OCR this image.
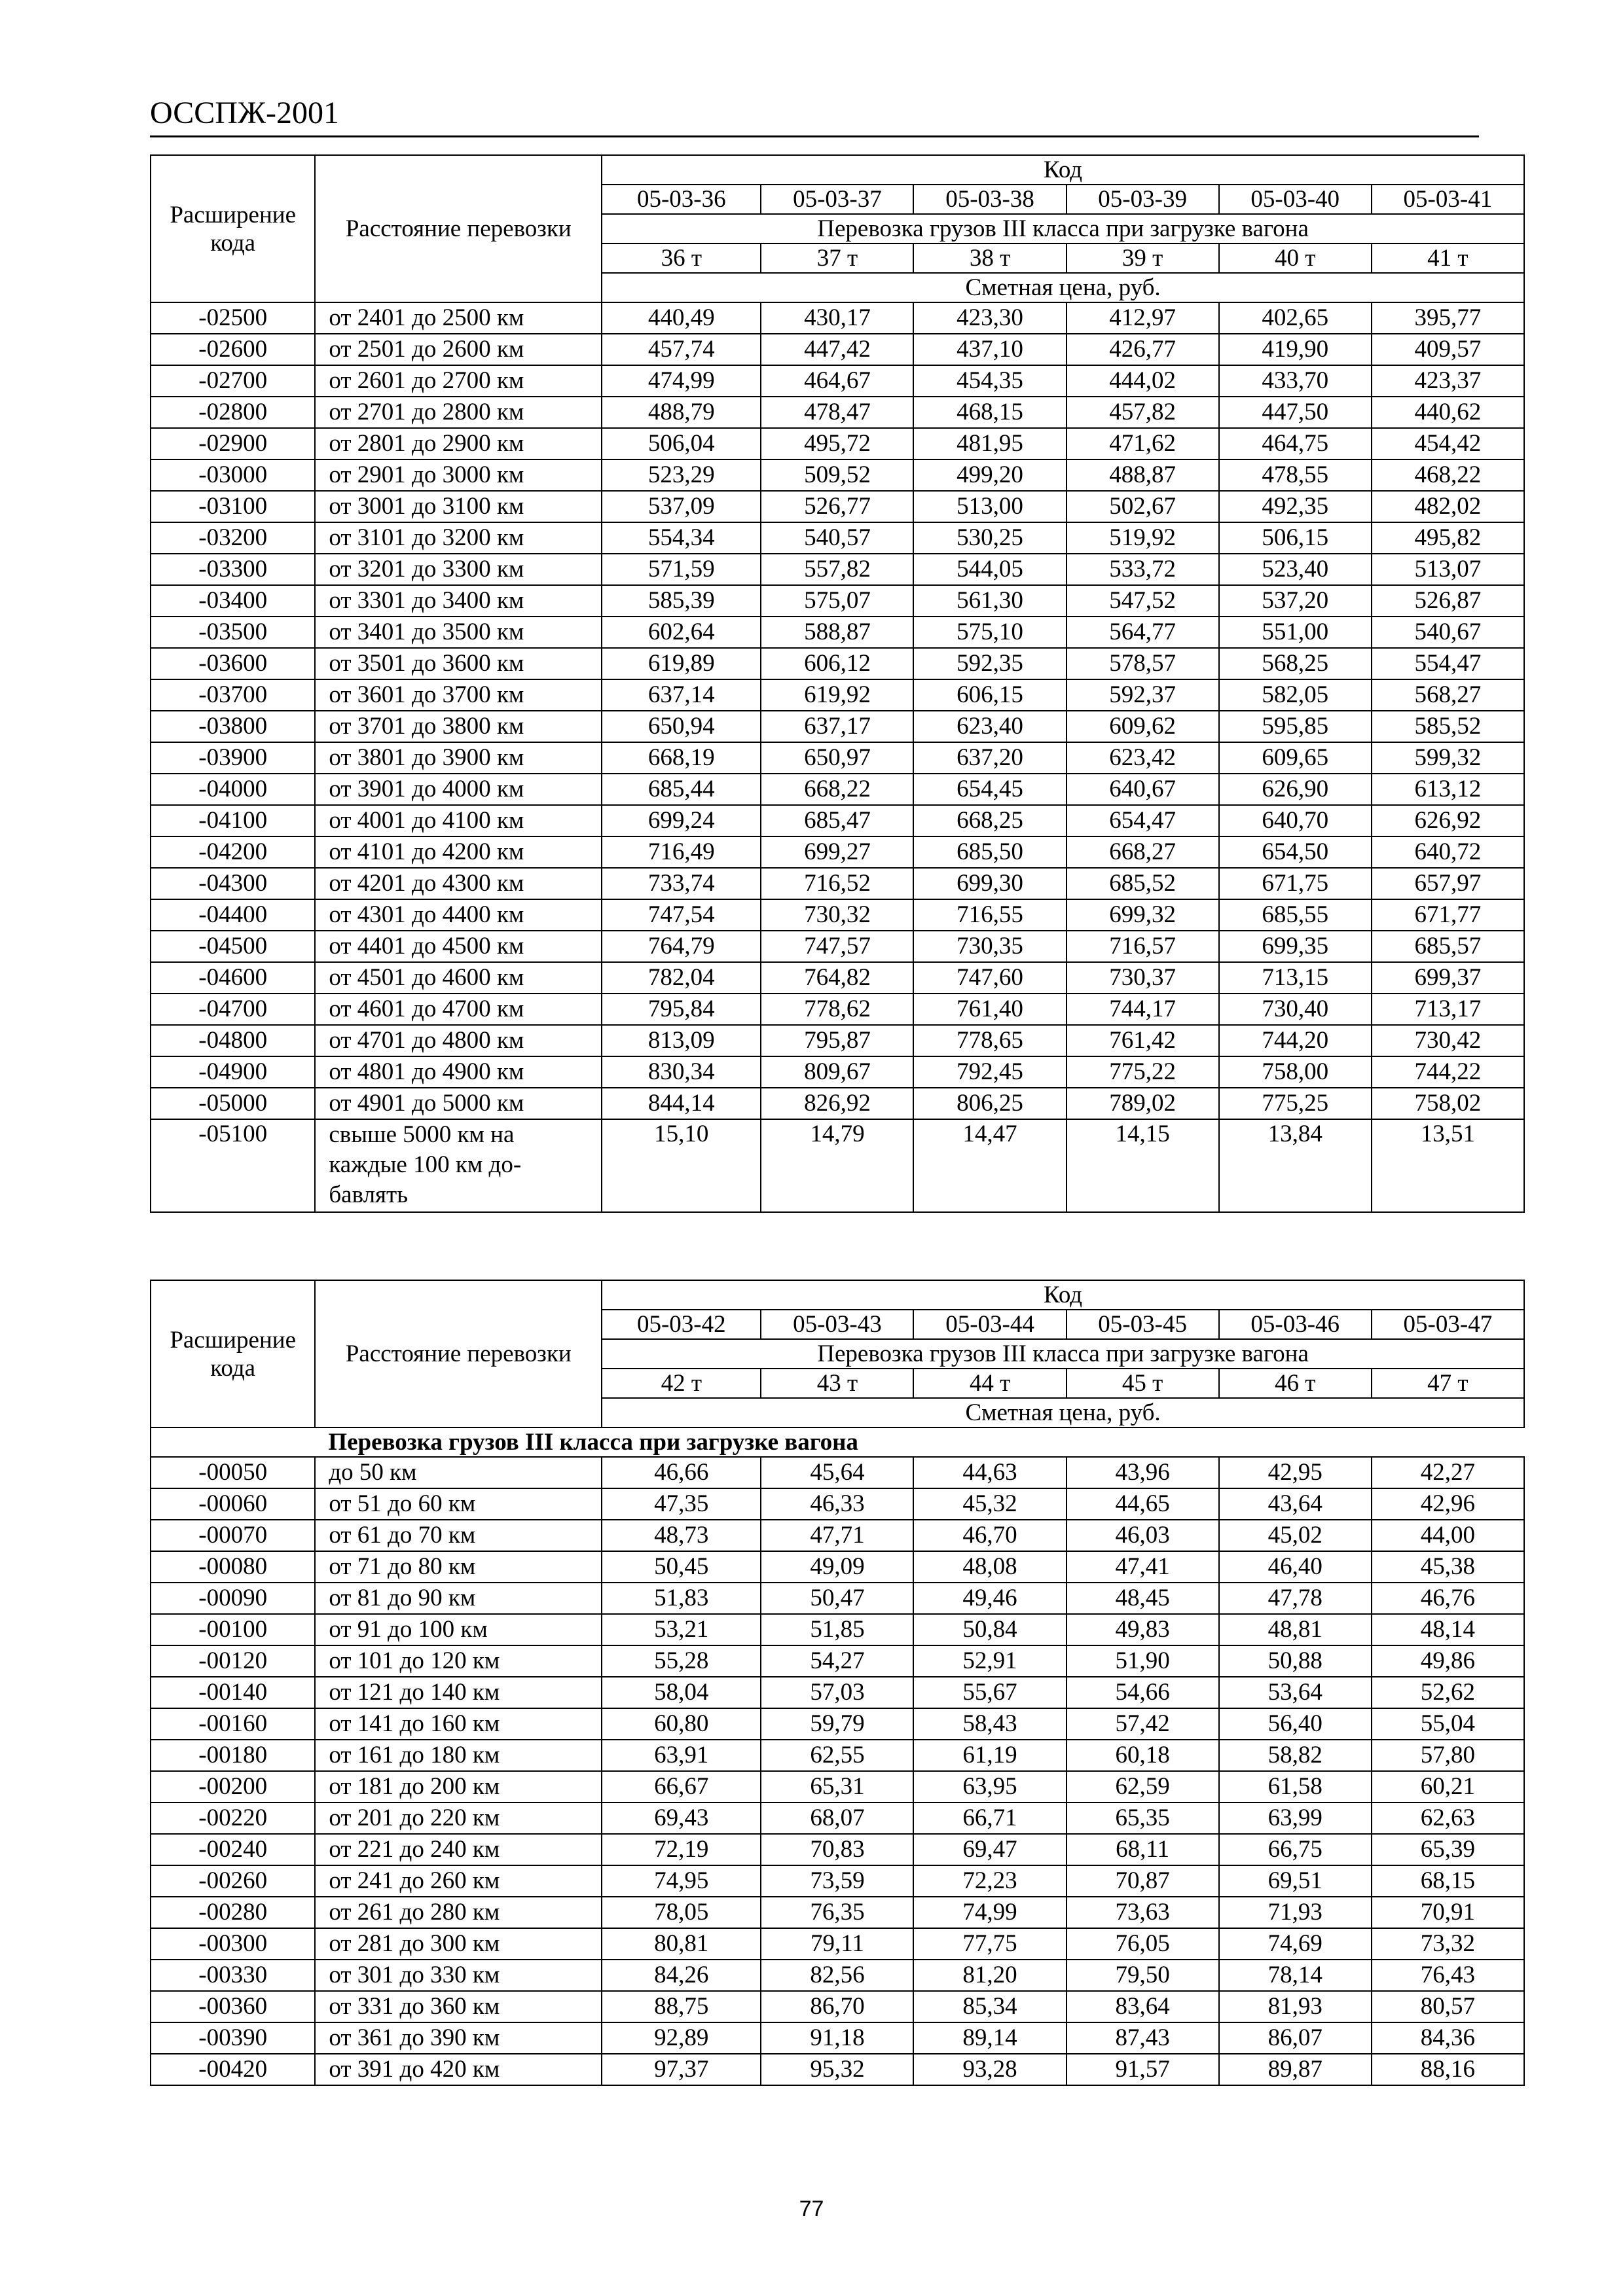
ОССПЖ-2001
Расширение кода	Расстояние перевозки	Код					
		05-03-36	05-03-37	05-03-38	05-03-39	05-03-40	05-03-41
		Перевозка грузов III класса при загрузке вагона					
		36 т	37 т	38 т	39 т	40 т	41 т
		Сметная цена, руб.					
-02500	от 2401 до 2500 км	440,49	430,17	423,30	412,97	402,65	395,77
-02600	от 2501 до 2600 км	457,74	447,42	437,10	426,77	419,90	409,57
-02700	от 2601 до 2700 км	474,99	464,67	454,35	444,02	433,70	423,37
-02800	от 2701 до 2800 км	488,79	478,47	468,15	457,82	447,50	440,62
-02900	от 2801 до 2900 км	506,04	495,72	481,95	471,62	464,75	454,42
-03000	от 2901 до 3000 км	523,29	509,52	499,20	488,87	478,55	468,22
-03100	от 3001 до 3100 км	537,09	526,77	513,00	502,67	492,35	482,02
-03200	от 3101 до 3200 км	554,34	540,57	530,25	519,92	506,15	495,82
-03300	от 3201 до 3300 км	571,59	557,82	544,05	533,72	523,40	513,07
-03400	от 3301 до 3400 км	585,39	575,07	561,30	547,52	537,20	526,87
-03500	от 3401 до 3500 км	602,64	588,87	575,10	564,77	551,00	540,67
-03600	от 3501 до 3600 км	619,89	606,12	592,35	578,57	568,25	554,47
-03700	от 3601 до 3700 км	637,14	619,92	606,15	592,37	582,05	568,27
-03800	от 3701 до 3800 км	650,94	637,17	623,40	609,62	595,85	585,52
-03900	от 3801 до 3900 км	668,19	650,97	637,20	623,42	609,65	599,32
-04000	от 3901 до 4000 км	685,44	668,22	654,45	640,67	626,90	613,12
-04100	от 4001 до 4100 км	699,24	685,47	668,25	654,47	640,70	626,92
-04200	от 4101 до 4200 км	716,49	699,27	685,50	668,27	654,50	640,72
-04300	от 4201 до 4300 км	733,74	716,52	699,30	685,52	671,75	657,97
-04400	от 4301 до 4400 км	747,54	730,32	716,55	699,32	685,55	671,77
-04500	от 4401 до 4500 км	764,79	747,57	730,35	716,57	699,35	685,57
-04600	от 4501 до 4600 км	782,04	764,82	747,60	730,37	713,15	699,37
-04700	от 4601 до 4700 км	795,84	778,62	761,40	744,17	730,40	713,17
-04800	от 4701 до 4800 км	813,09	795,87	778,65	761,42	744,20	730,42
-04900	от 4801 до 4900 км	830,34	809,67	792,45	775,22	758,00	744,22
-05000	от 4901 до 5000 км	844,14	826,92	806,25	789,02	775,25	758,02
-05100	свыше 5000 км на каждые 100 км до-бавлять	15,10	14,79	14,47	14,15	13,84	13,51
Расширение кода	Расстояние перевозки	Код					
		05-03-42	05-03-43	05-03-44	05-03-45	05-03-46	05-03-47
		Перевозка грузов III класса при загрузке вагона					
		42 т	43 т	44 т	45 т	46 т	47 т
		Сметная цена, руб.					
	Перевозка грузов III класса при загрузке вагона						
-00050	до 50 км	46,66	45,64	44,63	43,96	42,95	42,27
-00060	от 51 до 60 км	47,35	46,33	45,32	44,65	43,64	42,96
-00070	от 61 до 70 км	48,73	47,71	46,70	46,03	45,02	44,00
-00080	от 71 до 80 км	50,45	49,09	48,08	47,41	46,40	45,38
-00090	от 81 до 90 км	51,83	50,47	49,46	48,45	47,78	46,76
-00100	от 91 до 100 км	53,21	51,85	50,84	49,83	48,81	48,14
-00120	от 101 до 120 км	55,28	54,27	52,91	51,90	50,88	49,86
-00140	от 121 до 140 км	58,04	57,03	55,67	54,66	53,64	52,62
-00160	от 141 до 160 км	60,80	59,79	58,43	57,42	56,40	55,04
-00180	от 161 до 180 км	63,91	62,55	61,19	60,18	58,82	57,80
-00200	от 181 до 200 км	66,67	65,31	63,95	62,59	61,58	60,21
-00220	от 201 до 220 км	69,43	68,07	66,71	65,35	63,99	62,63
-00240	от 221 до 240 км	72,19	70,83	69,47	68,11	66,75	65,39
-00260	от 241 до 260 км	74,95	73,59	72,23	70,87	69,51	68,15
-00280	от 261 до 280 км	78,05	76,35	74,99	73,63	71,93	70,91
-00300	от 281 до 300 км	80,81	79,11	77,75	76,05	74,69	73,32
-00330	от 301 до 330 км	84,26	82,56	81,20	79,50	78,14	76,43
-00360	от 331 до 360 км	88,75	86,70	85,34	83,64	81,93	80,57
-00390	от 361 до 390 км	92,89	91,18	89,14	87,43	86,07	84,36
-00420	от 391 до 420 км	97,37	95,32	93,28	91,57	89,87	88,16
77
